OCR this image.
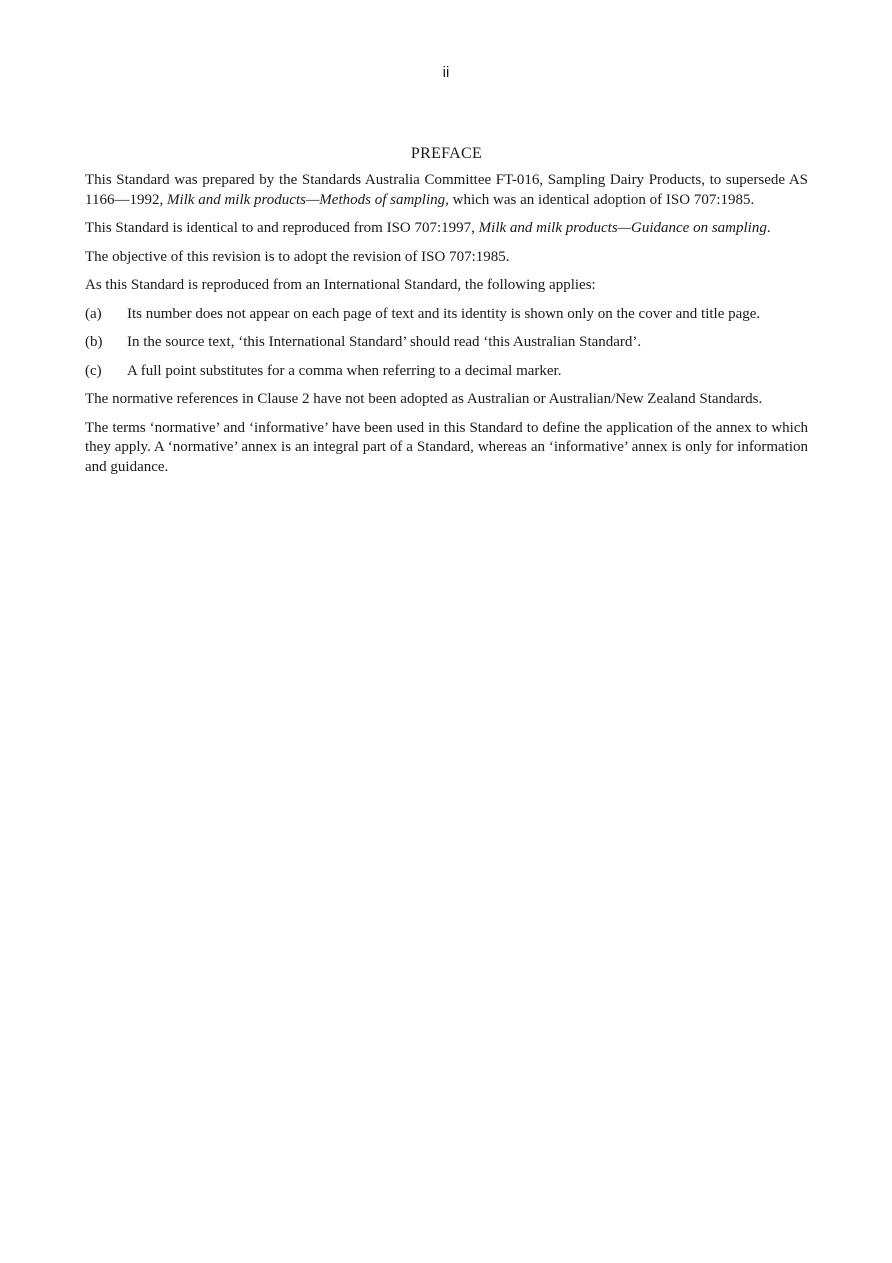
ii
PREFACE

This Standard was prepared by the Standards Australia Committee FT-016, Sampling Dairy Products, to supersede AS 1166—1992, Milk and milk products—Methods of sampling, which was an identical adoption of ISO 707:1985.

This Standard is identical to and reproduced from ISO 707:1997, Milk and milk products—Guidance on sampling.

The objective of this revision is to adopt the revision of ISO 707:1985.

As this Standard is reproduced from an International Standard, the following applies:

(a)	Its number does not appear on each page of text and its identity is shown only on the cover and title page.
(b)	In the source text, ‘this International Standard’ should read ‘this Australian Standard’.
(c)	A full point substitutes for a comma when referring to a decimal marker.

The normative references in Clause 2 have not been adopted as Australian or Australian/New Zealand Standards.

The terms ‘normative’ and ‘informative’ have been used in this Standard to define the application of the annex to which they apply. A ‘normative’ annex is an integral part of a Standard, whereas an ‘informative’ annex is only for information and guidance.
